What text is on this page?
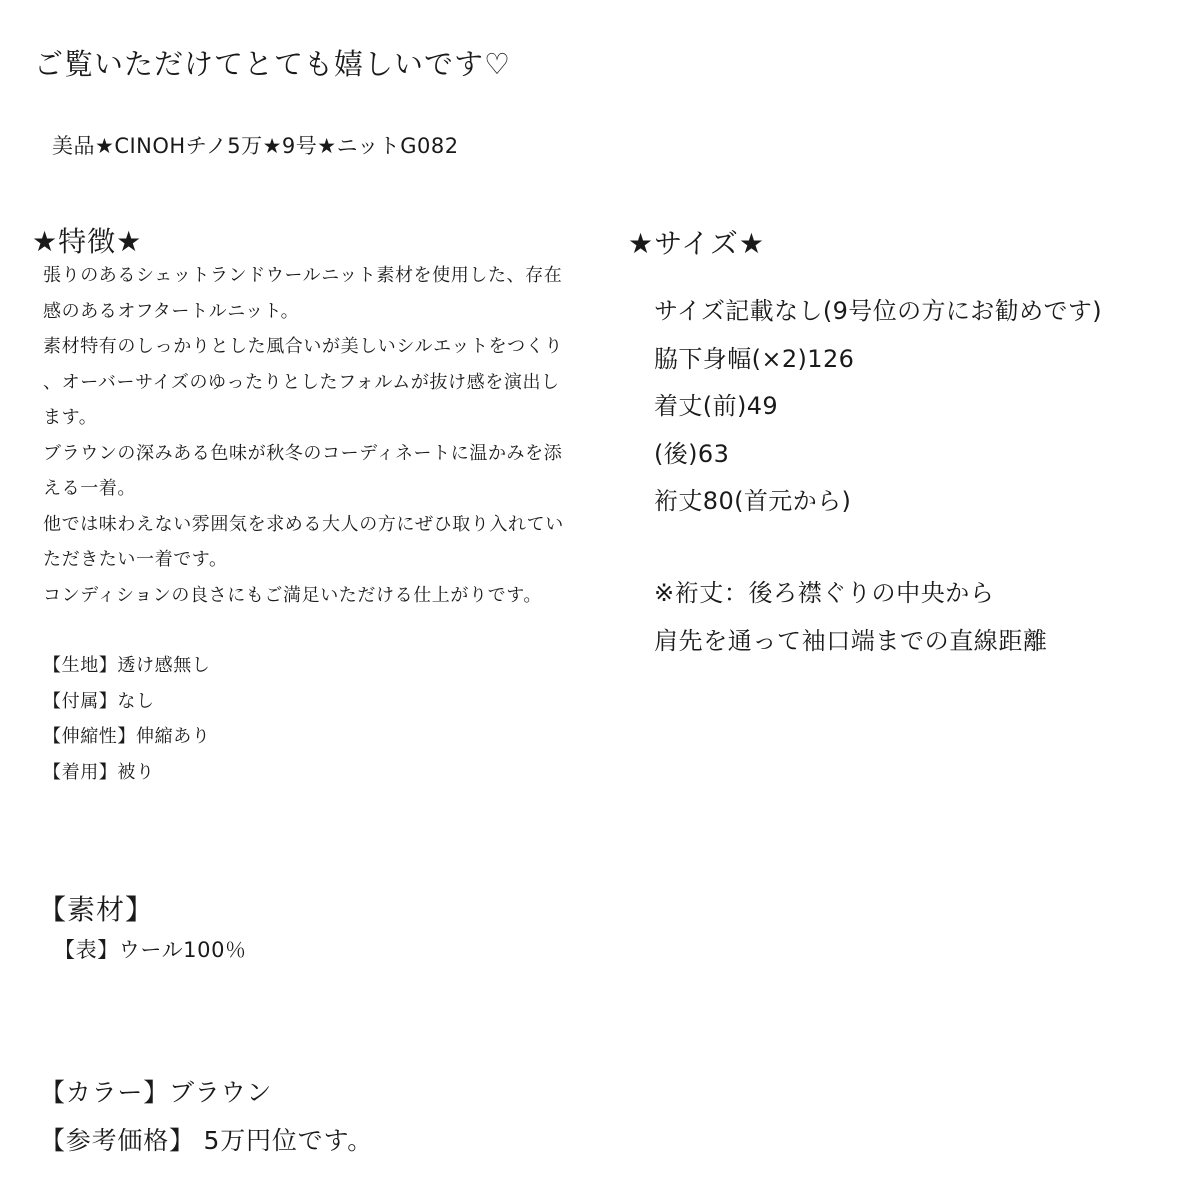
ご覧いただけてとても嬉しいです♡
美品★CINOHチノ5万★9号★ニットG082
★特徴★
張りのあるシェットランドウールニット素材を使用した、存在
感のあるオフタートルニット。
素材特有のしっかりとした風合いが美しいシルエットをつくり
、オーバーサイズのゆったりとしたフォルムが抜け感を演出し
ます。
ブラウンの深みある色味が秋冬のコーディネートに温かみを添
える一着。
他では味わえない雰囲気を求める大人の方にぜひ取り入れてい
ただきたい一着です。
コンディションの良さにもご満足いただける仕上がりです。
【生地】透け感無し
【付属】なし
【伸縮性】伸縮あり
【着用】被り
★サイズ★
サイズ記載なし(9号位の方にお勧めです)
脇下身幅(×2)126
着丈(前)49
(後)63
裄丈80(首元から)
※裄丈：後ろ襟ぐりの中央から
肩先を通って袖口端までの直線距離
【素材】
【表】ウール100％
【カラー】ブラウン
【参考価格】 5万円位です。
